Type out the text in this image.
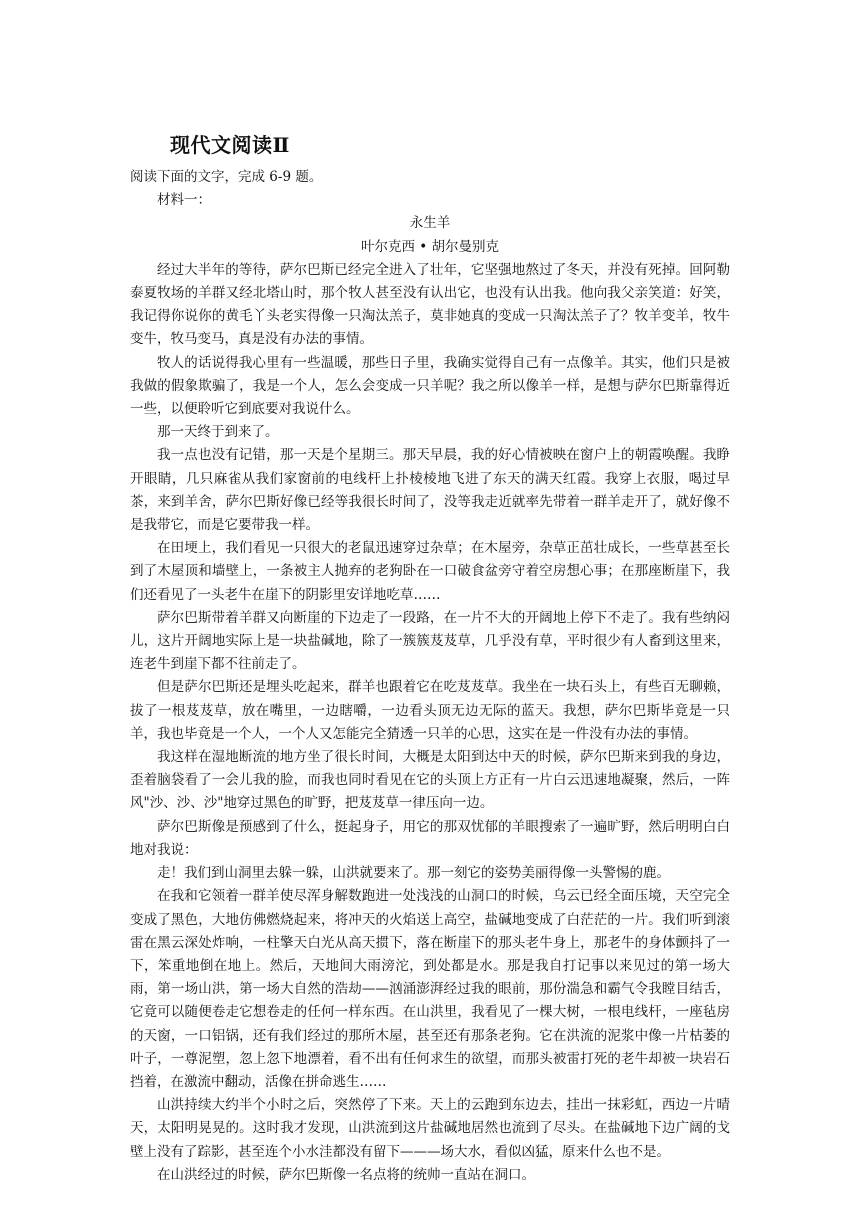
现代文阅读Ⅱ

阅读下面的文字，完成 6-9 题。

材料一：

永生羊

叶尔克西 • 胡尔曼别克

经过大半年的等待，萨尔巴斯已经完全进入了壮年，它坚强地熬过了冬天，并没有死掉。回阿勒泰夏牧场的羊群又经北塔山时，那个牧人甚至没有认出它，也没有认出我。他向我父亲笑道：好笑，我记得你说你的黄毛丫头老实得像一只淘汰羔子，莫非她真的变成一只淘汰羔子了？牧羊变羊，牧牛变牛，牧马变马，真是没有办法的事情。

牧人的话说得我心里有一些温暖，那些日子里，我确实觉得自己有一点像羊。其实，他们只是被我做的假象欺骗了，我是一个人，怎么会变成一只羊呢？我之所以像羊一样，是想与萨尔巴斯靠得近一些，以便聆听它到底要对我说什么。

那一天终于到来了。

我一点也没有记错，那一天是个星期三。那天早晨，我的好心情被映在窗户上的朝霞唤醒。我睁开眼睛，几只麻雀从我们家窗前的电线杆上扑棱棱地飞进了东天的满天红霞。我穿上衣服，喝过早茶，来到羊舍，萨尔巴斯好像已经等我很长时间了，没等我走近就率先带着一群羊走开了，就好像不是我带它，而是它要带我一样。

在田埂上，我们看见一只很大的老鼠迅速穿过杂草；在木屋旁，杂草正茁壮成长，一些草甚至长到了木屋顶和墙壁上，一条被主人抛弃的老狗卧在一口破食盆旁守着空房想心事；在那座断崖下，我们还看见了一头老牛在崖下的阴影里安详地吃草……

萨尔巴斯带着羊群又向断崖的下边走了一段路，在一片不大的开阔地上停下不走了。我有些纳闷儿，这片开阔地实际上是一块盐碱地，除了一簇簇芨芨草，几乎没有草，平时很少有人畜到这里来，连老牛到崖下都不往前走了。

但是萨尔巴斯还是埋头吃起来，群羊也跟着它在吃芨芨草。我坐在一块石头上，有些百无聊赖，拔了一根芨芨草，放在嘴里，一边瞎嚼，一边看头顶无边无际的蓝天。我想，萨尔巴斯毕竟是一只羊，我也毕竟是一个人，一个人又怎能完全猜透一只羊的心思，这实在是一件没有办法的事情。

我这样在湿地断流的地方坐了很长时间，大概是太阳到达中天的时候，萨尔巴斯来到我的身边，歪着脑袋看了一会儿我的脸，而我也同时看见在它的头顶上方正有一片白云迅速地凝聚，然后，一阵风"沙、沙、沙"地穿过黑色的旷野，把芨芨草一律压向一边。

萨尔巴斯像是预感到了什么，挺起身子，用它的那双忧郁的羊眼搜索了一遍旷野，然后明明白白地对我说：

走！我们到山洞里去躲一躲，山洪就要来了。那一刻它的姿势美丽得像一头警惕的鹿。

在我和它领着一群羊使尽浑身解数跑进一处浅浅的山洞口的时候，乌云已经全面压境，天空完全变成了黑色，大地仿佛燃烧起来，将冲天的火焰送上高空，盐碱地变成了白茫茫的一片。我们听到滚雷在黑云深处炸响，一柱擎天白光从高天掼下，落在断崖下的那头老牛身上，那老牛的身体颤抖了一下，笨重地倒在地上。然后，天地间大雨滂沱，到处都是水。那是我自打记事以来见过的第一场大雨，第一场山洪，第一场大自然的浩劫——汹涌澎湃经过我的眼前，那份湍急和霸气令我瞠目结舌，它竟可以随便卷走它想卷走的任何一样东西。在山洪里，我看见了一棵大树，一根电线杆，一座毡房的天窗，一口铝锅，还有我们经过的那所木屋，甚至还有那条老狗。它在洪流的泥浆中像一片枯萎的叶子，一尊泥塑，忽上忽下地漂着，看不出有任何求生的欲望，而那头被雷打死的老牛却被一块岩石挡着，在激流中翻动，活像在拼命逃生……

山洪持续大约半个小时之后，突然停了下来。天上的云跑到东边去，挂出一抹彩虹，西边一片晴天，太阳明晃晃的。这时我才发现，山洪流到这片盐碱地居然也流到了尽头。在盐碱地下边广阔的戈壁上没有了踪影，甚至连个小水洼都没有留下———场大水，看似凶猛，原来什么也不是。

在山洪经过的时候，萨尔巴斯像一名点将的统帅一直站在洞口。
